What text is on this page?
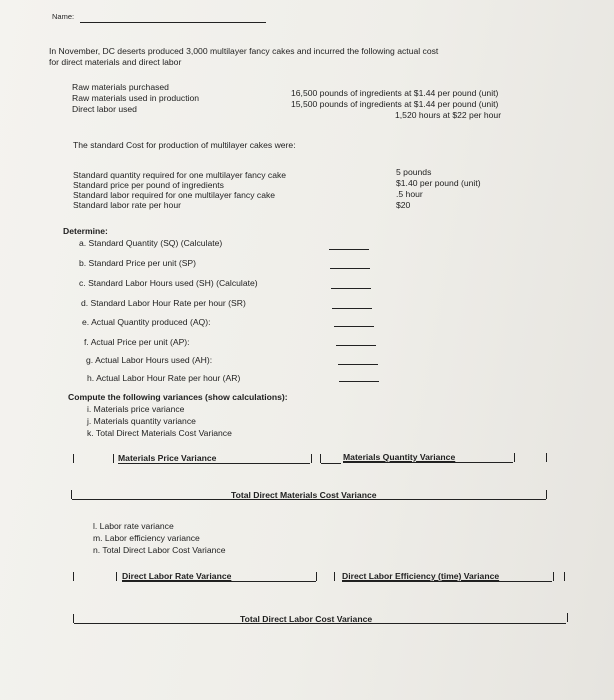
Name:
In November, DC deserts produced 3,000 multilayer fancy cakes and incurred the following actual cost
for direct materials and direct labor
Raw materials purchased
Raw materials used in production
Direct labor used
16,500 pounds of ingredients at $1.44 per pound (unit)
15,500 pounds of ingredients at $1.44 per pound (unit)
1,520 hours at $22 per hour
The standard Cost for production of multilayer cakes were:
Standard quantity required for one multilayer fancy cake
Standard price per pound of ingredients
Standard labor required for one multilayer fancy cake
Standard labor rate per hour
5 pounds
$1.40 per pound (unit)
.5 hour
$20
Determine:
a. Standard Quantity (SQ) (Calculate)
b. Standard Price per unit (SP)
c. Standard Labor Hours used (SH) (Calculate)
d. Standard Labor Hour Rate per hour (SR)
e. Actual Quantity produced (AQ):
f. Actual Price per unit (AP):
g. Actual Labor Hours used (AH):
h. Actual Labor Hour Rate per hour (AR)
Compute the following variances (show calculations):
i. Materials price variance
j. Materials quantity variance
k. Total Direct Materials Cost Variance
Materials Price Variance	Materials Quantity Variance
Total Direct Materials Cost Variance
l. Labor rate variance
m. Labor efficiency variance
n. Total Direct Labor Cost Variance
Direct Labor Rate Variance	Direct Labor Efficiency (time) Variance
Total Direct Labor Cost Variance
